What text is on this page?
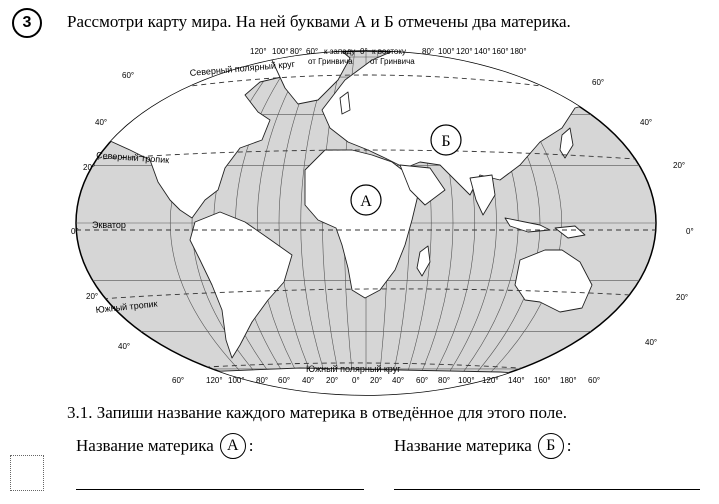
3	Рассмотри карту мира. На ней буквами А и Б отмечены два материка.
60°
40°
20°
0°
20°
40°
60°
40°
20°
0°
20°
40°
Северный полярный круг
Северный тропик
Экватор
Южный тропик
Южный полярный круг
120° 100° 80° 60° к западу
от Гринвича
0° к востоку
от Гринвича
80° 100° 120° 140° 160° 180°
60°	120° 100° 80° 60° 40° 20° 0° 20° 40° 60° 80° 100° 120° 140° 160° 180° 60°
А
Б
3.1. Запиши название каждого материка в отведённое для этого поле.
Название материка А :	Название материка Б :
